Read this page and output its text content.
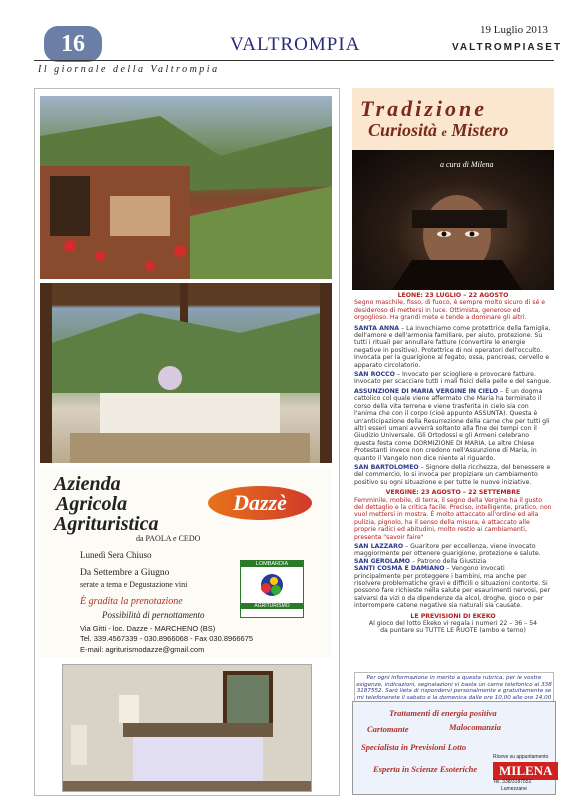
16	VALTROMPIA
19 Luglio 2013
VALTROMPIASET
Il giornale della Valtrompia
Azienda
Agricola
Agrituristica
Dazzè
da PAOLA e CEDO
Lunedì Sera Chiuso
Da Settembre a Giugno
serate a tema e Degustazione vini
È gradita la prenotazione
Possibilità di pernottamento
LOMBARDIA
AGRITURISMO
Via Gitti - loc. Dazze - MARCHENO (BS)
Tel. 339.4567339 - 030.8966068 - Fax 030.8966675
E-mail: agriturismodazze@gmail.com
Tradizione
Curiosità e Mistero
a cura di Milena
LEONE: 23 LUGLIO – 22 AGOSTO
Segno maschile, fisso, di fuoco, è sempre molto sicuro di sé e desideroso di mettersi in luce. Ottimista, generoso ed orgoglioso. Ha grandi mete e tende a dominare gli altri.
SANTA ANNA – La invochiamo come protettrice della famiglia, dell'amore e dell'armonia familiare, per aiuto, protezione. Su tutti i rituali per annullare fatture (convertire le energie negative in positive). Protettrice di noi operatori dell'occulto. Invocata per la guarigione al fegato, ossa, pancreas, cervello e apparato circolatorio.
SAN ROCCO – Invocato per sciogliere e provocare fatture. Invocato per scacciare tutti i mali fisici della pelle e del sangue.
ASSUNZIONE DI MARIA VERGINE IN CIELO – È un dogma cattolico col quale viene affermato che Maria ha terminato il corso della vita terrena e viene trasferita in cielo sia con l'anima che con il corpo (cioè appunto ASSUNTA). Questa è un'anticipazione della Resurrezione della carne che per tutti gli altri esseri umani avverrà soltanto alla fine dei tempi con il Giudizio Universale. Gli Ortodossi e gli Armeni celebrano questa festa come DORMIZIONE DI MARIA. Le altre Chiese Protestanti invece non credono nell'Assunzione di Maria, in quanto il Vangelo non dice niente al riguardo.
SAN BARTOLOMEO – Signore della ricchezza, del benessere e del commercio, lo si invoca per propiziare un cambiamento positivo su ogni situazione e per tutte le nuove iniziative.
VERGINE: 23 AGOSTO – 22 SETTEMBRE
Femminile, mobile, di terra, il segno della Vergine ha il gusto del dettaglio e la critica facile. Preciso, intelligente, pratico, non vuol mettersi in mostra. È molto attaccato all'ordine ed alla pulizia, pignolo, ha il senso della misura, è attaccato alle proprie radici ed abitudini, molto restio ai cambiamenti, presenta "savoir faire"
SAN LAZZARO – Guaritore per eccellenza, viene invocato maggiormente per ottenere guarigione, protezione e salute.
SAN GEROLAMO – Patrono della Giustizia
SANTI COSMA E DAMIANO – Vengono invocati principalmente per proteggere i bambini, ma anche per risolvere problematiche gravi e difficili o situazioni contorte. Si possono fare richieste nella salute per esaurimenti nervosi, per salvarsi da vizi o da dipendenze da alcol, droghe, gioco o per interrompere catene negative sia naturali sia causate.
LE PREVISIONI DI EKEKO
Al gioco del lotto Ekeko vi regala i numeri 22 – 36 – 54
da puntare su TUTTE LE RUOTE (ambo e terno)
Per ogni informazione in merito a questa rubrica, per le vostre esigenze, indicazioni, segnalazioni vi basta un carne telefonico al 338 3187552. Sarò lieta di rispondervi personalmente e gratuitamente se mi telefonerete il sabato e la domenica dalle ore 10,00 alle ore 14,00
Trattamenti di energia positiva
Cartomante	Malocomanzia
Specialista in Previsioni Lotto
Esperta in Scienze Esoteriche
Riceve su appuntamento
MILENA
Tel. 338/3187552
Lumezzane
